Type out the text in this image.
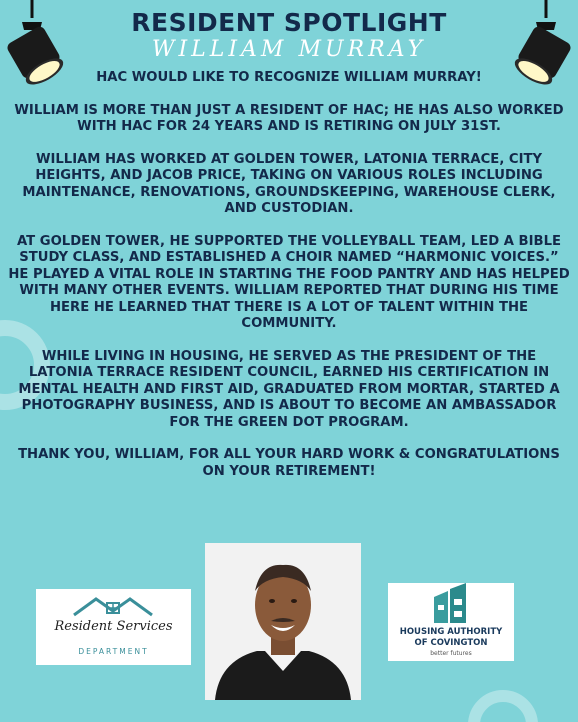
RESIDENT SPOTLIGHT
WILLIAM MURRAY

HAC WOULD LIKE TO RECOGNIZE WILLIAM MURRAY!

WILLIAM IS MORE THAN JUST A RESIDENT OF HAC; HE HAS ALSO WORKED WITH HAC FOR 24 YEARS AND IS RETIRING ON JULY 31ST.

WILLIAM HAS WORKED AT GOLDEN TOWER, LATONIA TERRACE, CITY HEIGHTS, AND JACOB PRICE, TAKING ON VARIOUS ROLES INCLUDING MAINTENANCE, RENOVATIONS, GROUNDSKEEPING, WAREHOUSE CLERK, AND CUSTODIAN.

AT GOLDEN TOWER, HE SUPPORTED THE VOLLEYBALL TEAM, LED A BIBLE STUDY CLASS, AND ESTABLISHED A CHOIR NAMED “HARMONIC VOICES.” HE PLAYED A VITAL ROLE IN STARTING THE FOOD PANTRY AND HAS HELPED WITH MANY OTHER EVENTS. WILLIAM REPORTED THAT DURING HIS TIME HERE HE LEARNED THAT THERE IS A LOT OF TALENT WITHIN THE COMMUNITY.

WHILE LIVING IN HOUSING, HE SERVED AS THE PRESIDENT OF THE LATONIA TERRACE RESIDENT COUNCIL, EARNED HIS CERTIFICATION IN MENTAL HEALTH AND FIRST AID, GRADUATED FROM MORTAR, STARTED A PHOTOGRAPHY BUSINESS, AND IS ABOUT TO BECOME AN AMBASSADOR FOR THE GREEN DOT PROGRAM.

THANK YOU, WILLIAM, FOR ALL YOUR HARD WORK & CONGRATULATIONS ON YOUR RETIREMENT!

Resident Services
DEPARTMENT
HOUSING AUTHORITY
OF COVINGTON
better futures
